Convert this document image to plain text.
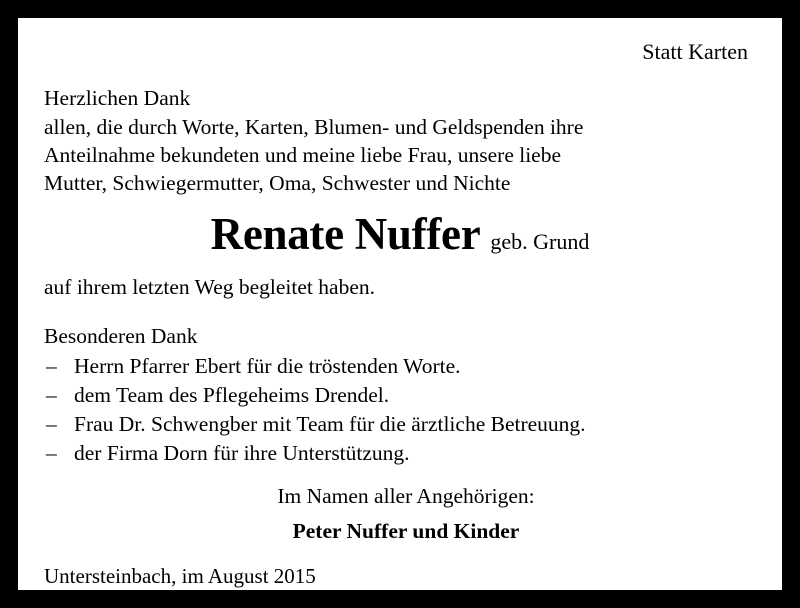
Statt Karten
Herzlichen Dank
allen, die durch Worte, Karten, Blumen- und Geldspenden ihre
Anteilnahme bekundeten und meine liebe Frau, unsere liebe
Mutter, Schwiegermutter, Oma, Schwester und Nichte
Renate Nuffer geb. Grund
auf ihrem letzten Weg begleitet haben.
Besonderen Dank
– Herrn Pfarrer Ebert für die tröstenden Worte.
– dem Team des Pflegeheims Drendel.
– Frau Dr. Schwengber mit Team für die ärztliche Betreuung.
– der Firma Dorn für ihre Unterstützung.
Im Namen aller Angehörigen:
Peter Nuffer und Kinder
Untersteinbach, im August 2015
